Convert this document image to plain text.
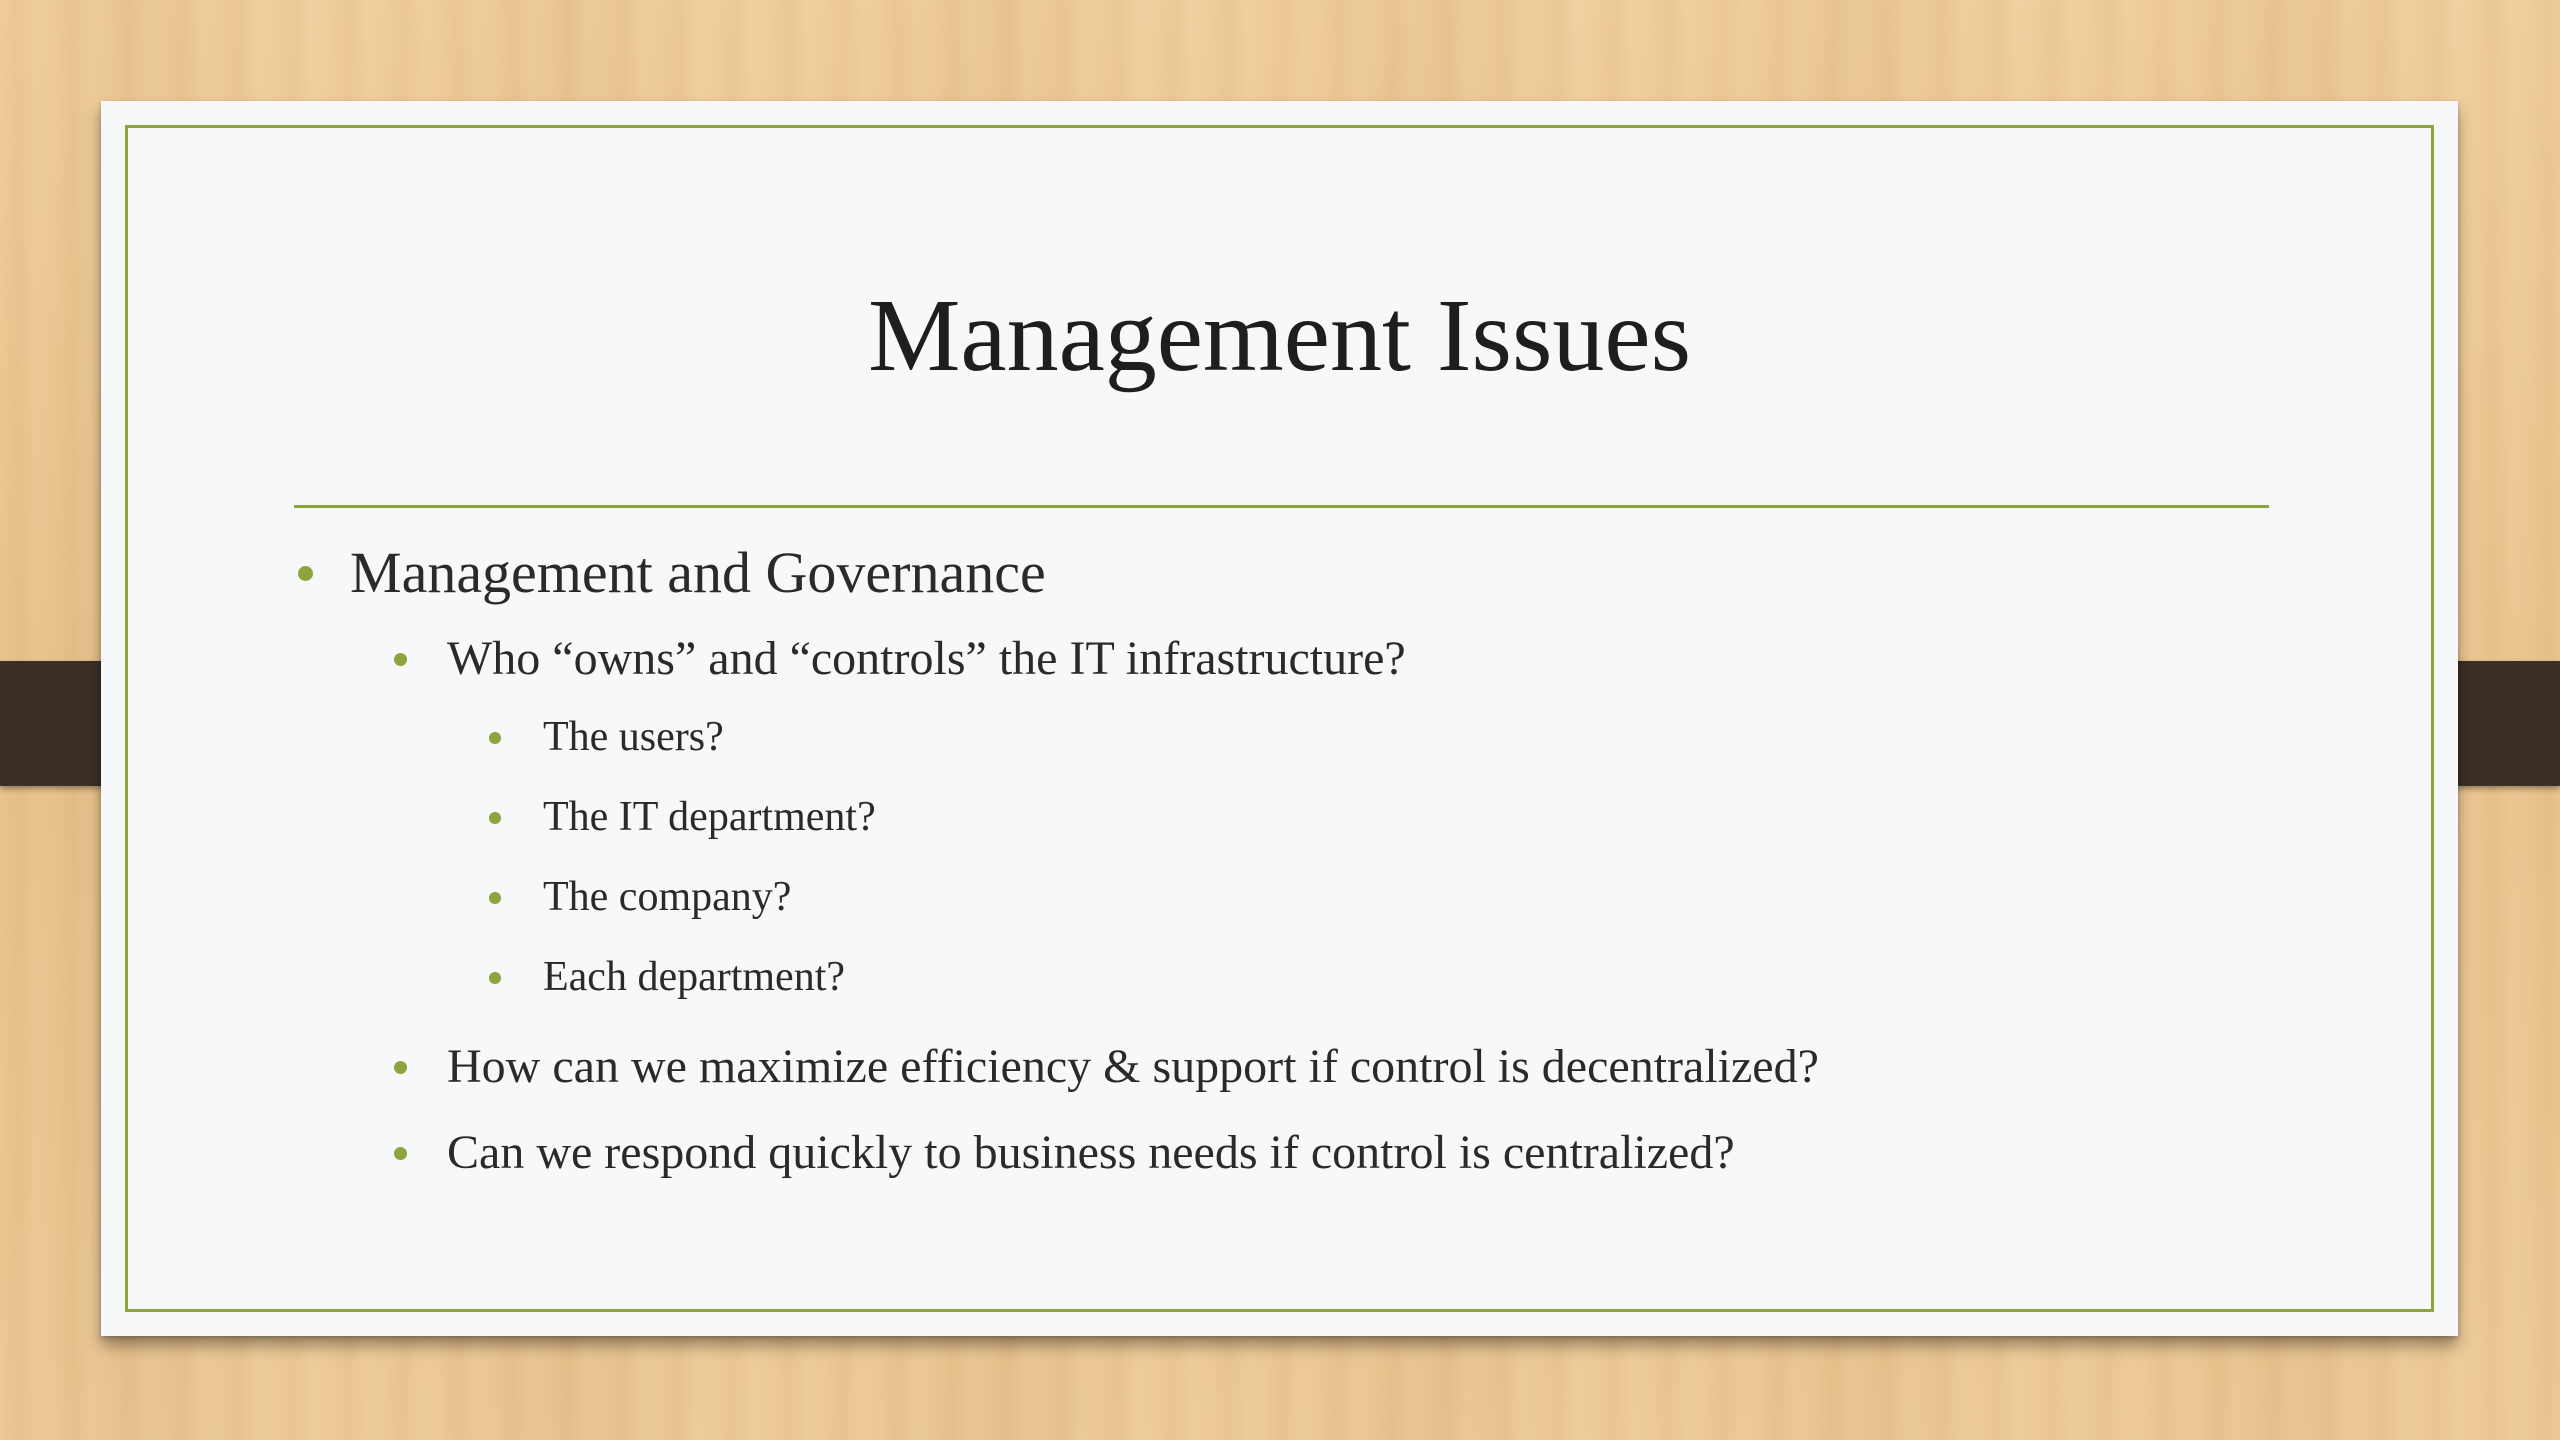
Management Issues
Management and Governance
Who “owns” and “controls” the IT infrastructure?
The users?
The IT department?
The company?
Each department?
How can we maximize efficiency & support if control is decentralized?
Can we respond quickly to business needs if control is centralized?
